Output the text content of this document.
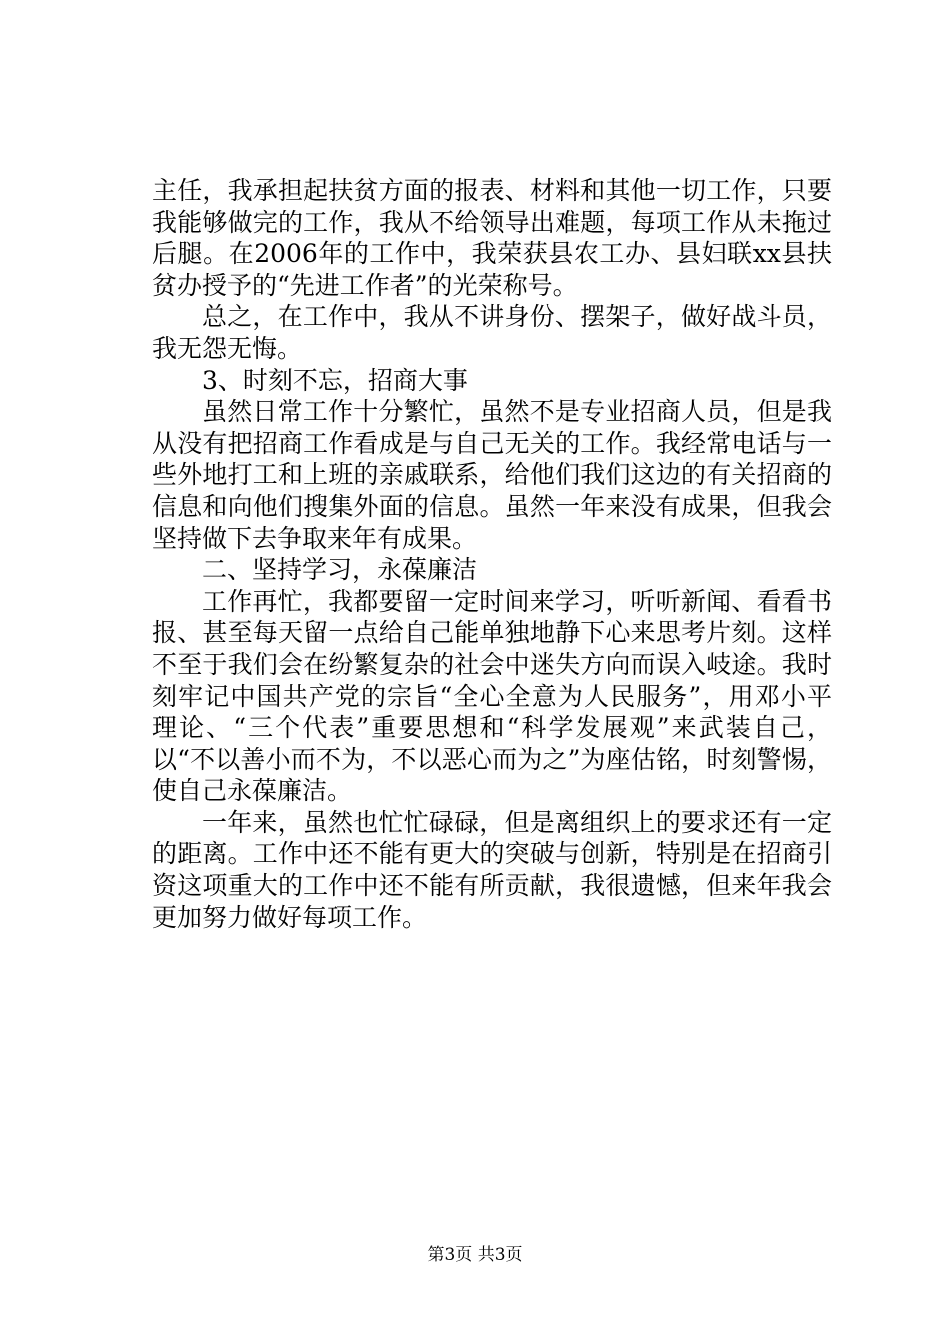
主任，我承担起扶贫方面的报表、材料和其他一切工作，只要
我能够做完的工作，我从不给领导出难题，每项工作从未拖过
后腿。在2006年的工作中，我荣获县农工办、县妇联xx县扶
贫办授予的“先进工作者”的光荣称号。
总之，在工作中，我从不讲身份、摆架子，做好战斗员，
我无怨无悔。
3、时刻不忘，招商大事
虽然日常工作十分繁忙，虽然不是专业招商人员，但是我
从没有把招商工作看成是与自己无关的工作。我经常电话与一
些外地打工和上班的亲戚联系，给他们我们这边的有关招商的
信息和向他们搜集外面的信息。虽然一年来没有成果，但我会
坚持做下去争取来年有成果。
二、坚持学习，永葆廉洁
工作再忙，我都要留一定时间来学习，听听新闻、看看书
报、甚至每天留一点给自己能单独地静下心来思考片刻。这样
不至于我们会在纷繁复杂的社会中迷失方向而误入岐途。我时
刻牢记中国共产党的宗旨“全心全意为人民服务”，用邓小平
理论、“三个代表”重要思想和“科学发展观”来武装自己，
以“不以善小而不为，不以恶心而为之”为座估铭，时刻警惕，
使自己永葆廉洁。
一年来，虽然也忙忙碌碌，但是离组织上的要求还有一定
的距离。工作中还不能有更大的突破与创新，特别是在招商引
资这项重大的工作中还不能有所贡献，我很遗憾，但来年我会
更加努力做好每项工作。
第3页 共3页
